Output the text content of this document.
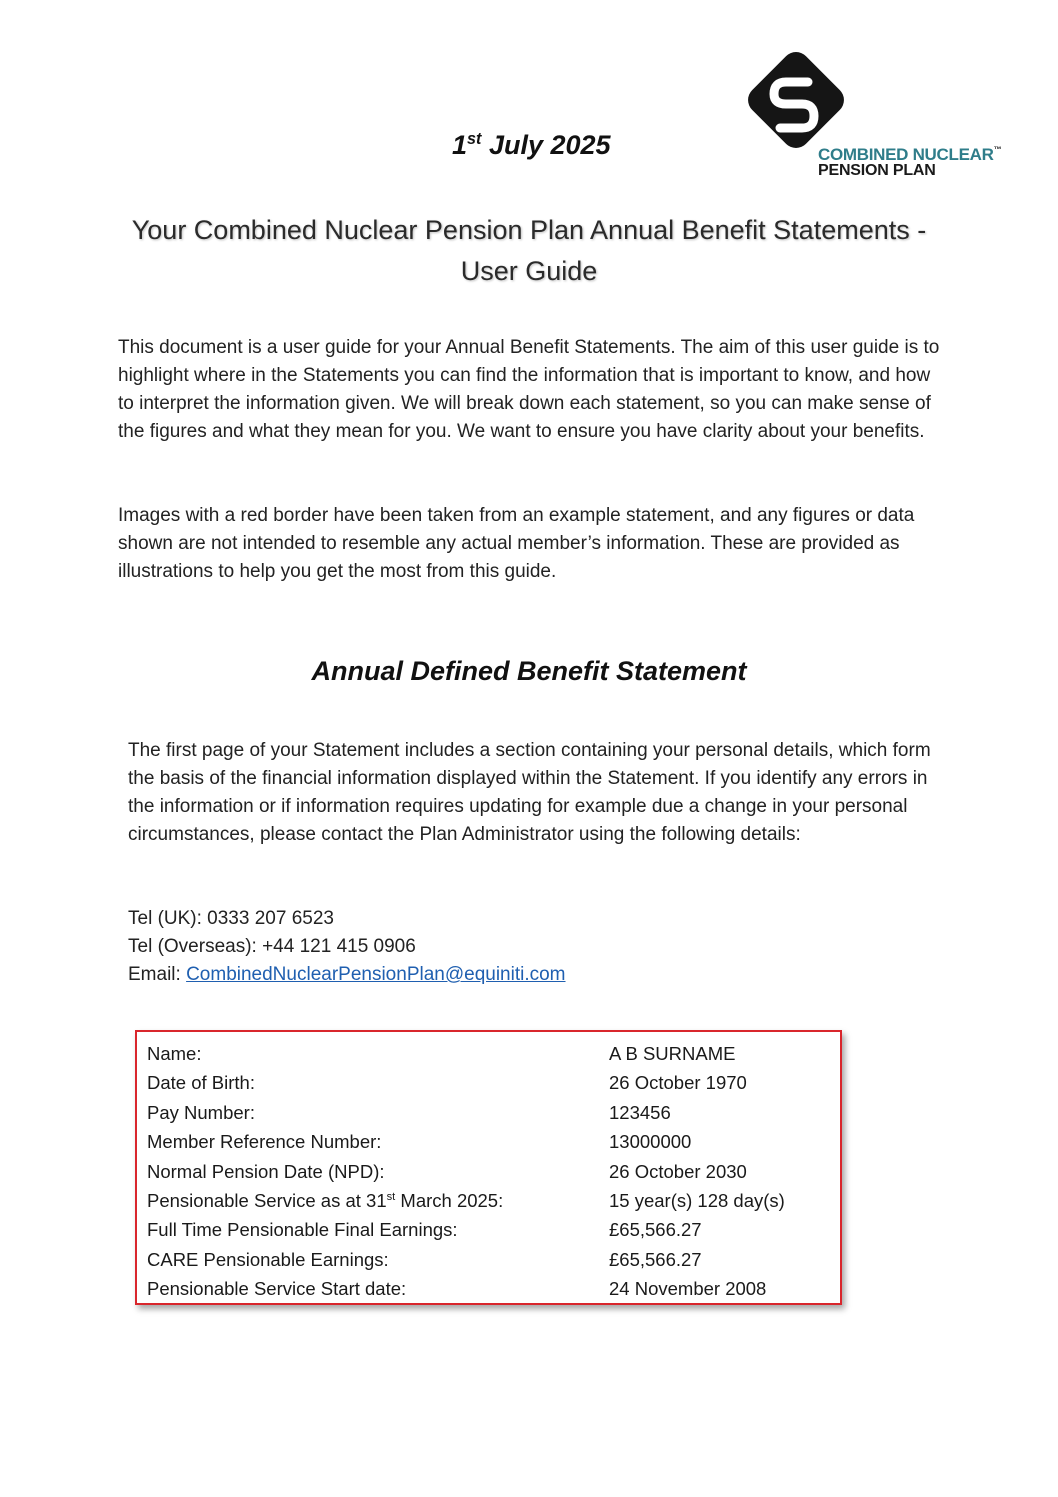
1st July 2025	COMBINED NUCLEAR™
PENSION PLAN
Your Combined Nuclear Pension Plan Annual Benefit Statements -
User Guide
This document is a user guide for your Annual Benefit Statements. The aim of this user guide is to highlight where in the Statements you can find the information that is important to know, and how to interpret the information given. We will break down each statement, so you can make sense of the figures and what they mean for you. We want to ensure you have clarity about your benefits.
Images with a red border have been taken from an example statement, and any figures or data shown are not intended to resemble any actual member’s information. These are provided as illustrations to help you get the most from this guide.
Annual Defined Benefit Statement
The first page of your Statement includes a section containing your personal details, which form the basis of the financial information displayed within the Statement. If you identify any errors in the information or if information requires updating for example due a change in your personal circumstances, please contact the Plan Administrator using the following details:
Tel (UK): 0333 207 6523
Tel (Overseas): +44 121 415 0906
Email: CombinedNuclearPensionPlan@equiniti.com
Name:	A B SURNAME
Date of Birth:	26 October 1970
Pay Number:	123456
Member Reference Number:	13000000
Normal Pension Date (NPD):	26 October 2030
Pensionable Service as at 31st March 2025:	15 year(s) 128 day(s)
Full Time Pensionable Final Earnings:	£65,566.27
CARE Pensionable Earnings:	£65,566.27
Pensionable Service Start date:	24 November 2008
